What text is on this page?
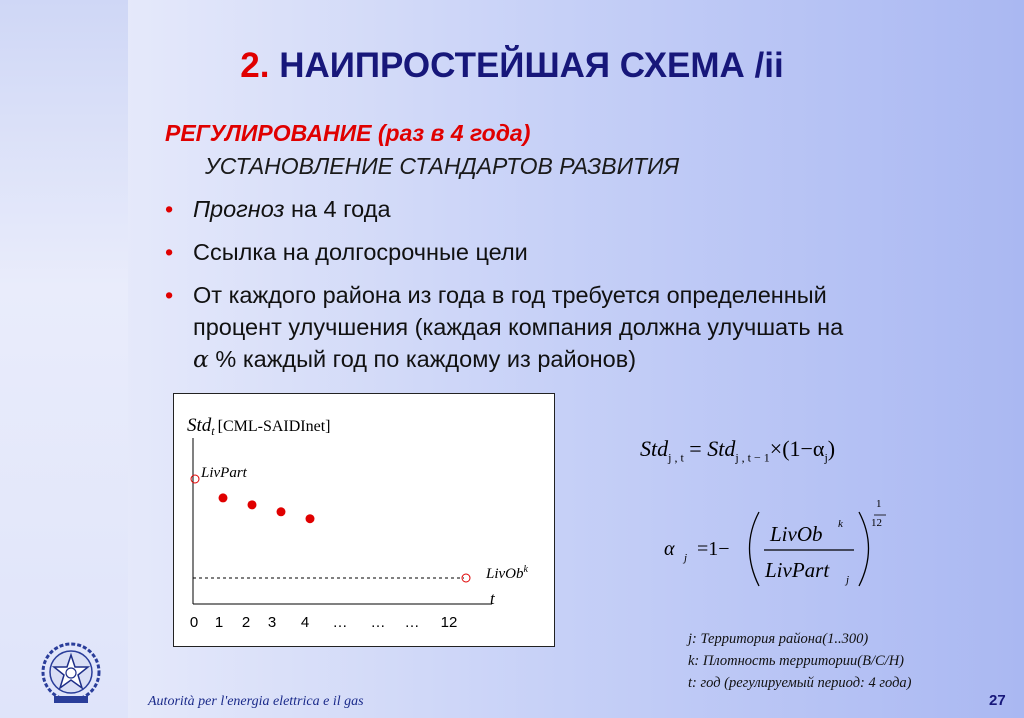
2. НАИПРОСТЕЙШАЯ СХЕМА /ii
РЕГУЛИРОВАНИЕ (раз в 4 года)
УСТАНОВЛЕНИЕ СТАНДАРТОВ РАЗВИТИЯ
• Прогноз на 4 года
• Ссылка на долгосрочные цели
• От каждого района из года в год требуется определенный
процент улучшения (каждая компания должна улучшать на
α % каждый год по каждому из районов)
Std$_t$ [CML-SAIDInet]
LivPart
LivOb$^k$
t
0 1 2 3 4 … … … 12
$Std_{j , t} = Std_{j , t - 1}\times(1-\alpha_j)$
α j =1−
LivOb k
LivPart j
1
12
j: Территория района(1..300)
k: Плотность территории(B/C/H)
t: год (регулируемый период: 4 года)
Autorità per l'energia elettrica e il gas	27
